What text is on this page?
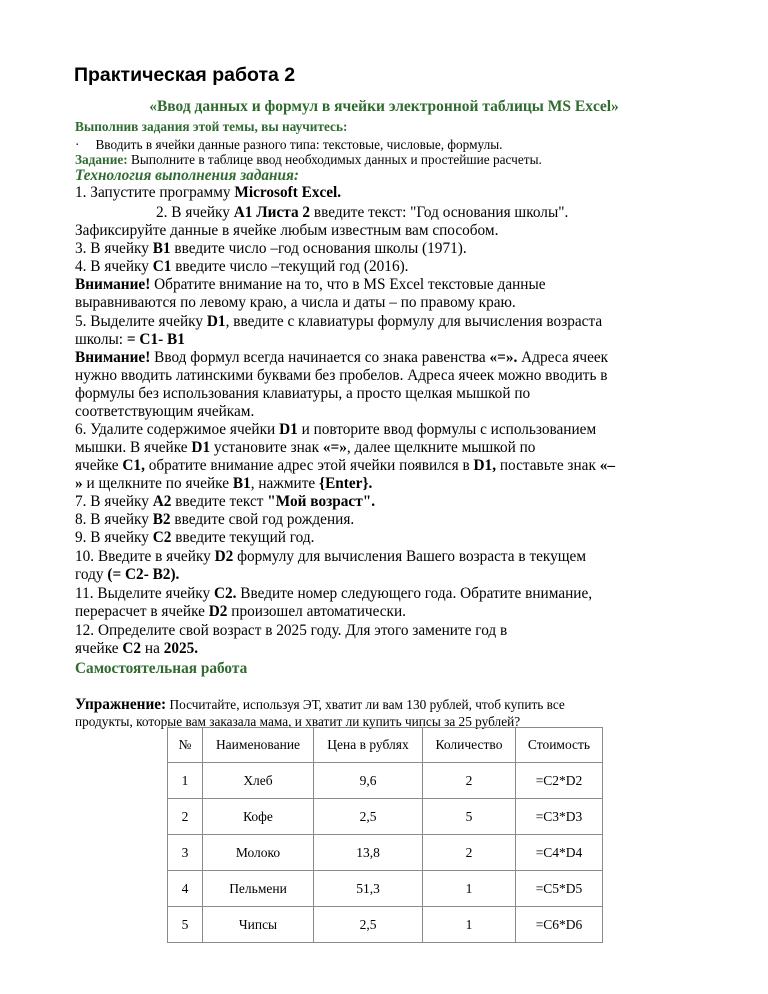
Практическая работа 2
«Ввод данных и формул в ячейки электронной таблицы MS Excel»
Выполнив задания этой темы, вы научитесь:
· Вводить в ячейки данные разного типа: текстовые, числовые, формулы.
Задание: Выполните в таблице ввод необходимых данных и простейшие расчеты.
Технология выполнения задания:
1. Запустите программу Microsoft Excel.
2. В ячейку A1 Листа 2 введите текст: "Год основания школы".
Зафиксируйте данные в ячейке любым известным вам способом.
3. В ячейку B1 введите число –год основания школы (1971).
4. В ячейку C1 введите число –текущий год (2016).
Внимание! Обратите внимание на то, что в MS Excel текстовые данные
выравниваются по левому краю, а числа и даты – по правому краю.
5. Выделите ячейку D1, введите с клавиатуры формулу для вычисления возраста
школы: = C1- B1
Внимание! Ввод формул всегда начинается со знака равенства «=». Адреса ячеек
нужно вводить латинскими буквами без пробелов. Адреса ячеек можно вводить в
формулы без использования клавиатуры, а просто щелкая мышкой по
соответствующим ячейкам.
6. Удалите содержимое ячейки D1 и повторите ввод формулы с использованием
мышки. В ячейке D1 установите знак «=», далее щелкните мышкой по
ячейке C1, обратите внимание адрес этой ячейки появился в D1, поставьте знак «–
» и щелкните по ячейке B1, нажмите {Enter}.
7. В ячейку A2 введите текст "Мой возраст".
8. В ячейку B2 введите свой год рождения.
9. В ячейку C2 введите текущий год.
10. Введите в ячейку D2 формулу для вычисления Вашего возраста в текущем
году (= C2- B2).
11. Выделите ячейку C2. Введите номер следующего года. Обратите внимание,
перерасчет в ячейке D2 произошел автоматически.
12. Определите свой возраст в 2025 году. Для этого замените год в
ячейке C2 на 2025.
Самостоятельная работа
Упражнение: Посчитайте, используя ЭТ, хватит ли вам 130 рублей, чтоб купить все
продукты, которые вам заказала мама, и хватит ли купить чипсы за 25 рублей?
№	Наименование	Цена в рублях	Количество	Стоимость
1	Хлеб	9,6	2	=C2*D2
2	Кофе	2,5	5	=C3*D3
3	Молоко	13,8	2	=C4*D4
4	Пельмени	51,3	1	=C5*D5
5	Чипсы	2,5	1	=C6*D6
